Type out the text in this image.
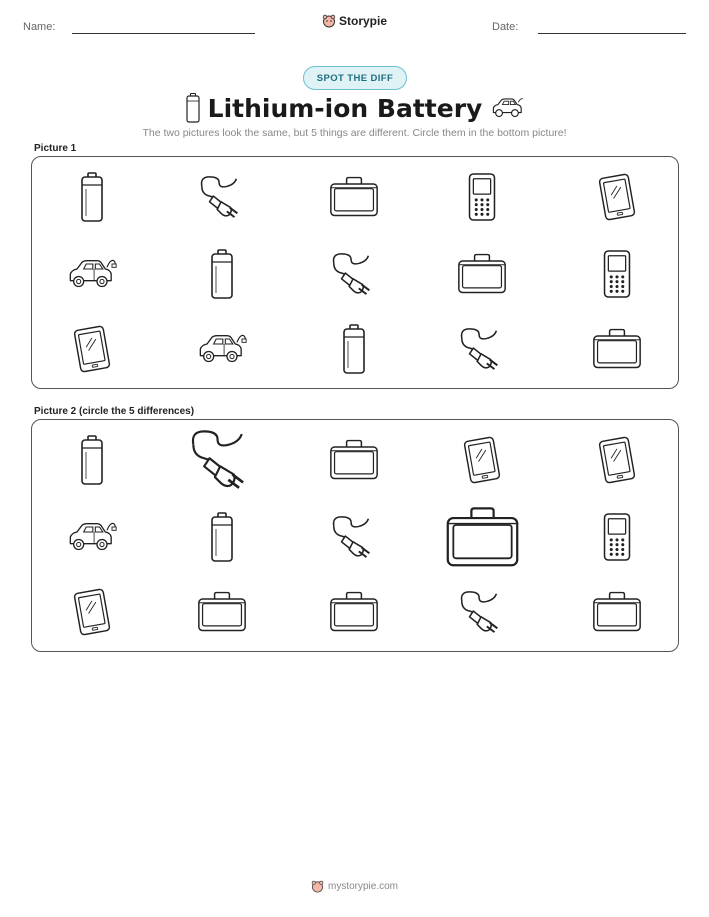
Name:	Storypie	Date:
SPOT THE DIFF
Lithium-ion Battery
The two pictures look the same, but 5 things are different. Circle them in the bottom picture!
Picture 1
Picture 2 (circle the 5 differences)
mystorypie.com
